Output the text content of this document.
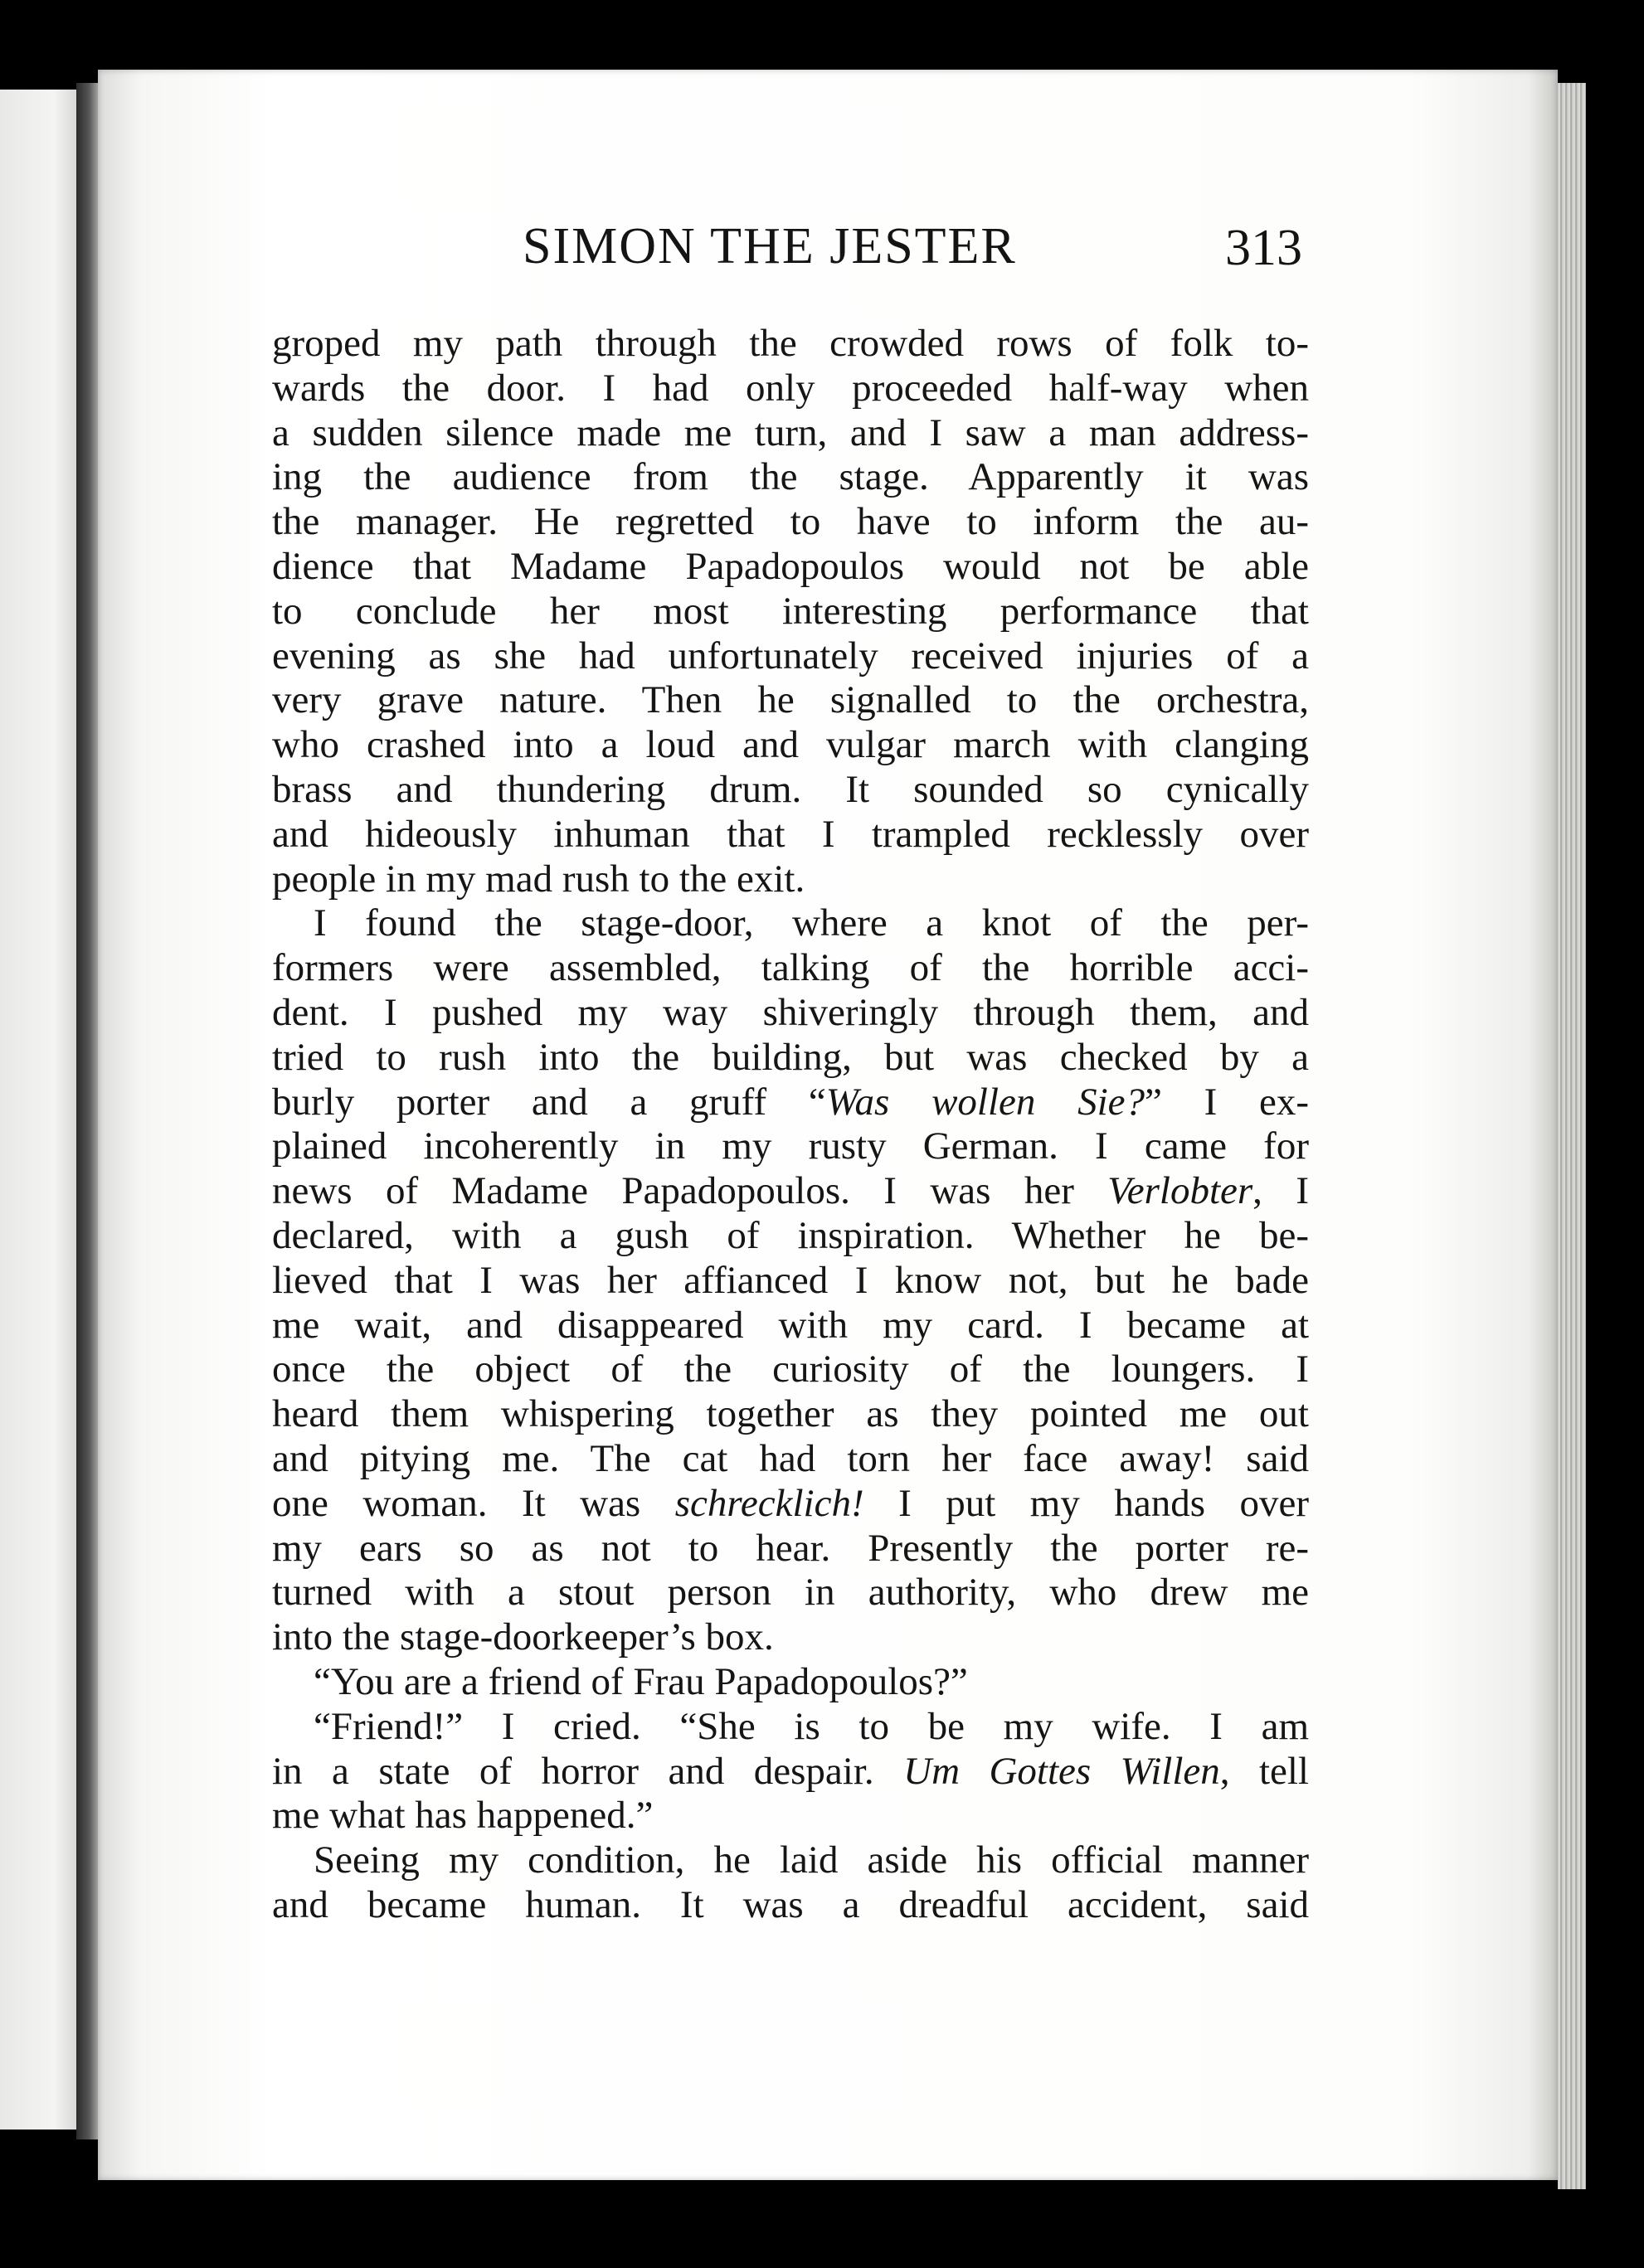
SIMON THE JESTER	313
groped my path through the crowded rows of folk to-
wards the door. I had only proceeded half-way when
a sudden silence made me turn, and I saw a man address-
ing the audience from the stage. Apparently it was
the manager. He regretted to have to inform the au-
dience that Madame Papadopoulos would not be able
to conclude her most interesting performance that
evening as she had unfortunately received injuries of a
very grave nature. Then he signalled to the orchestra,
who crashed into a loud and vulgar march with clanging
brass and thundering drum. It sounded so cynically
and hideously inhuman that I trampled recklessly over
people in my mad rush to the exit.
I found the stage-door, where a knot of the per-
formers were assembled, talking of the horrible acci-
dent. I pushed my way shiveringly through them, and
tried to rush into the building, but was checked by a
burly porter and a gruff “Was wollen Sie?” I ex-
plained incoherently in my rusty German. I came for
news of Madame Papadopoulos. I was her Verlobter, I
declared, with a gush of inspiration. Whether he be-
lieved that I was her affianced I know not, but he bade
me wait, and disappeared with my card. I became at
once the object of the curiosity of the loungers. I
heard them whispering together as they pointed me out
and pitying me. The cat had torn her face away! said
one woman. It was schrecklich! I put my hands over
my ears so as not to hear. Presently the porter re-
turned with a stout person in authority, who drew me
into the stage-doorkeeper’s box.
“You are a friend of Frau Papadopoulos?”
“Friend!” I cried. “She is to be my wife. I am
in a state of horror and despair. Um Gottes Willen, tell
me what has happened.”
Seeing my condition, he laid aside his official manner
and became human. It was a dreadful accident, said
